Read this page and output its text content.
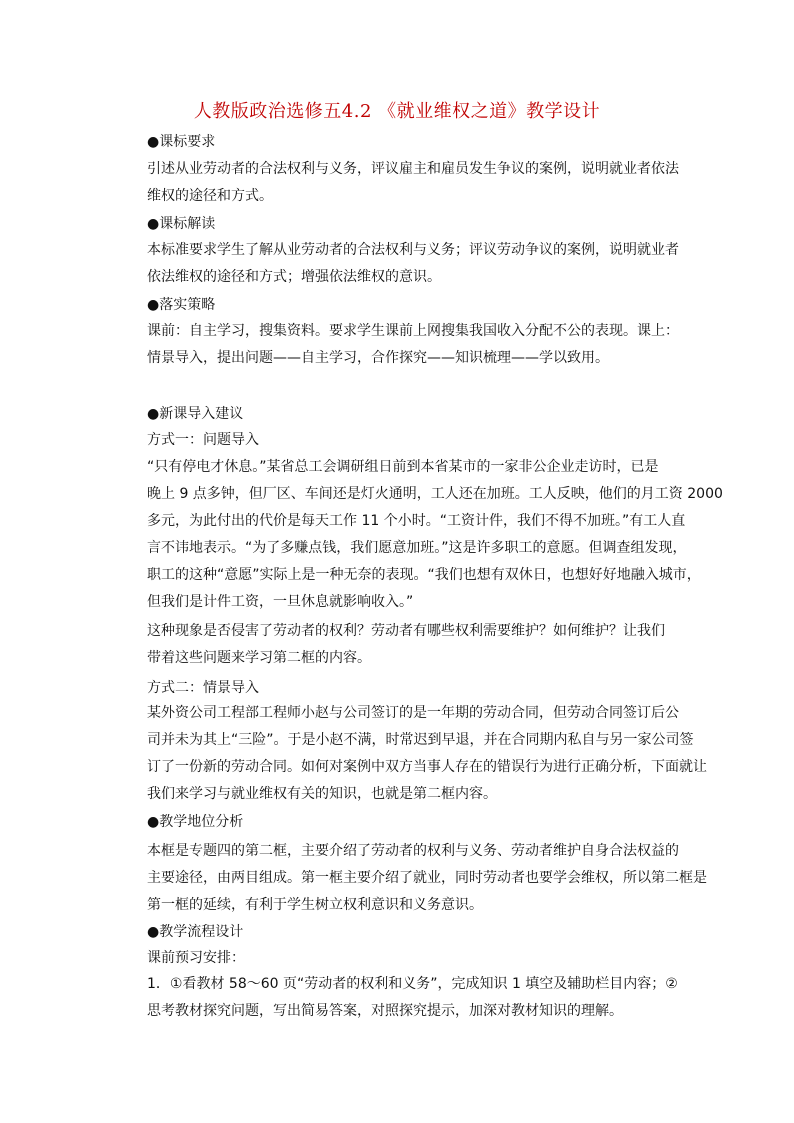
人教版政治选修五4.2 《就业维权之道》教学设计
●课标要求
引述从业劳动者的合法权利与义务，评议雇主和雇员发生争议的案例，说明就业者依法
维权的途径和方式。
●课标解读
本标准要求学生了解从业劳动者的合法权利与义务；评议劳动争议的案例，说明就业者
依法维权的途径和方式；增强依法维权的意识。
●落实策略
课前：自主学习，搜集资料。要求学生课前上网搜集我国收入分配不公的表现。课上：
情景导入，提出问题——自主学习，合作探究——知识梳理——学以致用。
●新课导入建议
方式一：问题导入
“只有停电才休息。”某省总工会调研组日前到本省某市的一家非公企业走访时，已是
晚上 9 点多钟，但厂区、车间还是灯火通明，工人还在加班。工人反映，他们的月工资 2000
多元，为此付出的代价是每天工作 11 个小时。“工资计件，我们不得不加班。”有工人直
言不讳地表示。“为了多赚点钱，我们愿意加班。”这是许多职工的意愿。但调查组发现，
职工的这种“意愿”实际上是一种无奈的表现。“我们也想有双休日，也想好好地融入城市，
但我们是计件工资，一旦休息就影响收入。”
这种现象是否侵害了劳动者的权利？劳动者有哪些权利需要维护？如何维护？让我们
带着这些问题来学习第二框的内容。
方式二：情景导入
某外资公司工程部工程师小赵与公司签订的是一年期的劳动合同，但劳动合同签订后公
司并未为其上“三险”。于是小赵不满，时常迟到早退，并在合同期内私自与另一家公司签
订了一份新的劳动合同。如何对案例中双方当事人存在的错误行为进行正确分析，下面就让
我们来学习与就业维权有关的知识，也就是第二框内容。
●教学地位分析
本框是专题四的第二框，主要介绍了劳动者的权利与义务、劳动者维护自身合法权益的
主要途径，由两目组成。第一框主要介绍了就业，同时劳动者也要学会维权，所以第二框是
第一框的延续，有利于学生树立权利意识和义务意识。
●教学流程设计
课前预习安排：
1．①看教材 58～60 页“劳动者的权利和义务”，完成知识 1 填空及辅助栏目内容；②
思考教材探究问题，写出简易答案，对照探究提示，加深对教材知识的理解。
